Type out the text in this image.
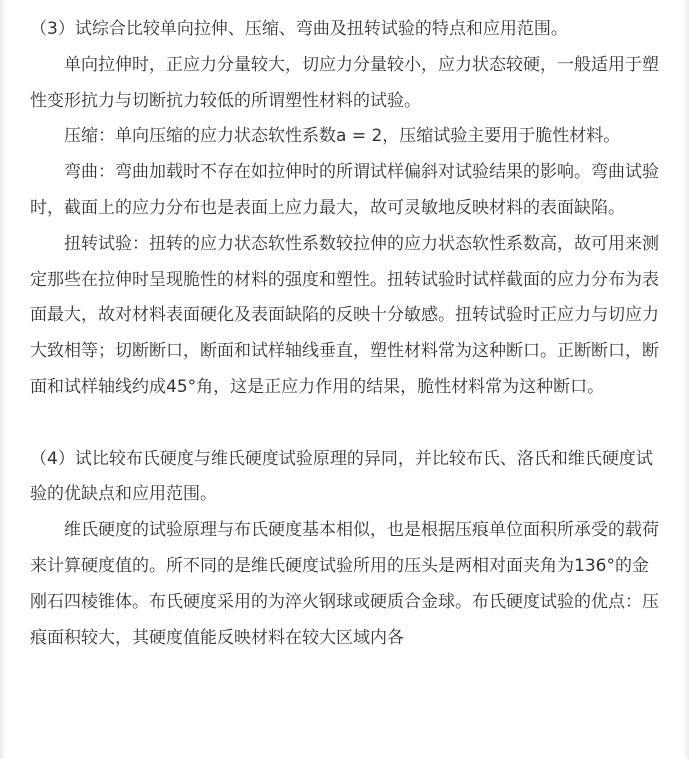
（3）试综合比较单向拉伸、压缩、弯曲及扭转试验的特点和应用范围。

单向拉伸时，正应力分量较大，切应力分量较小，应力状态较硬，一般适用于塑性变形抗力与切断抗力较低的所谓塑性材料的试验。

压缩：单向压缩的应力状态软性系数a = 2，压缩试验主要用于脆性材料。

弯曲：弯曲加载时不存在如拉伸时的所谓试样偏斜对试验结果的影响。弯曲试验时，截面上的应力分布也是表面上应力最大，故可灵敏地反映材料的表面缺陷。

扭转试验：扭转的应力状态软性系数较拉伸的应力状态软性系数高，故可用来测定那些在拉伸时呈现脆性的材料的强度和塑性。扭转试验时试样截面的应力分布为表面最大，故对材料表面硬化及表面缺陷的反映十分敏感。扭转试验时正应力与切应力大致相等；切断断口，断面和试样轴线垂直，塑性材料常为这种断口。正断断口，断面和试样轴线约成45°角，这是正应力作用的结果，脆性材料常为这种断口。

（4）试比较布氏硬度与维氏硬度试验原理的异同，并比较布氏、洛氏和维氏硬度试验的优缺点和应用范围。

维氏硬度的试验原理与布氏硬度基本相似，也是根据压痕单位面积所承受的载荷来计算硬度值的。所不同的是维氏硬度试验所用的压头是两相对面夹角为136°的金刚石四棱锥体。布氏硬度采用的为淬火钢球或硬质合金球。布氏硬度试验的优点：压痕面积较大，其硬度值能反映材料在较大区域内各
